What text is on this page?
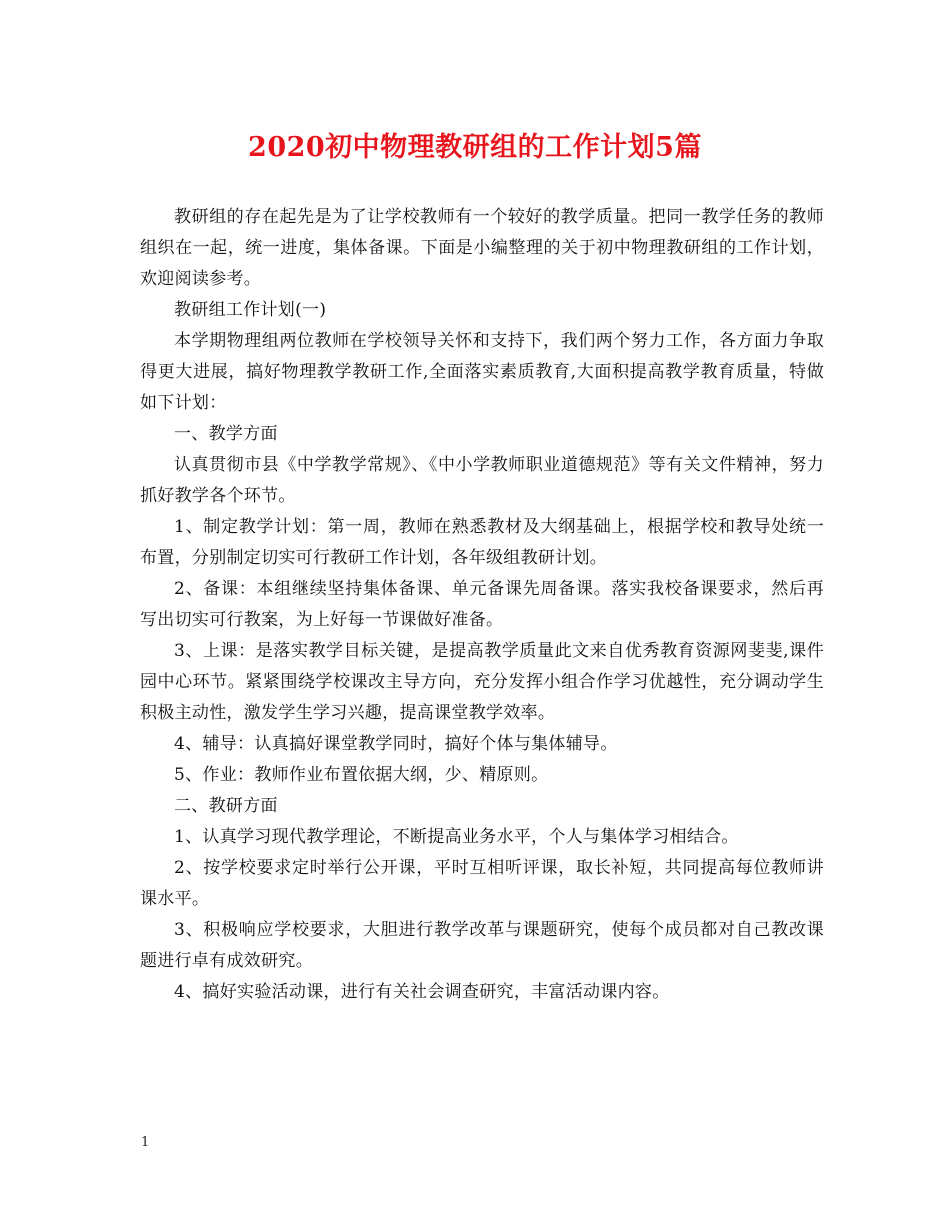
2020初中物理教研组的工作计划5篇

教研组的存在起先是为了让学校教师有一个较好的教学质量。把同一教学任务的教师组织在一起，统一进度，集体备课。下面是小编整理的关于初中物理教研组的工作计划，欢迎阅读参考。

教研组工作计划(一)

本学期物理组两位教师在学校领导关怀和支持下，我们两个努力工作，各方面力争取得更大进展，搞好物理教学教研工作,全面落实素质教育,大面积提高教学教育质量，特做如下计划：

一、教学方面

认真贯彻市县《中学教学常规》、《中小学教师职业道德规范》等有关文件精神，努力抓好教学各个环节。

1、制定教学计划：第一周，教师在熟悉教材及大纲基础上，根据学校和教导处统一布置，分别制定切实可行教研工作计划，各年级组教研计划。

2、备课：本组继续坚持集体备课、单元备课先周备课。落实我校备课要求，然后再写出切实可行教案，为上好每一节课做好准备。

3、上课：是落实教学目标关键，是提高教学质量此文来自优秀教育资源网斐斐,课件园中心环节。紧紧围绕学校课改主导方向，充分发挥小组合作学习优越性，充分调动学生积极主动性，激发学生学习兴趣，提高课堂教学效率。

4、辅导：认真搞好课堂教学同时，搞好个体与集体辅导。

5、作业：教师作业布置依据大纲，少、精原则。

二、教研方面

1、认真学习现代教学理论，不断提高业务水平，个人与集体学习相结合。

2、按学校要求定时举行公开课，平时互相听评课，取长补短，共同提高每位教师讲课水平。

3、积极响应学校要求，大胆进行教学改革与课题研究，使每个成员都对自己教改课题进行卓有成效研究。

4、搞好实验活动课，进行有关社会调查研究，丰富活动课内容。

1
